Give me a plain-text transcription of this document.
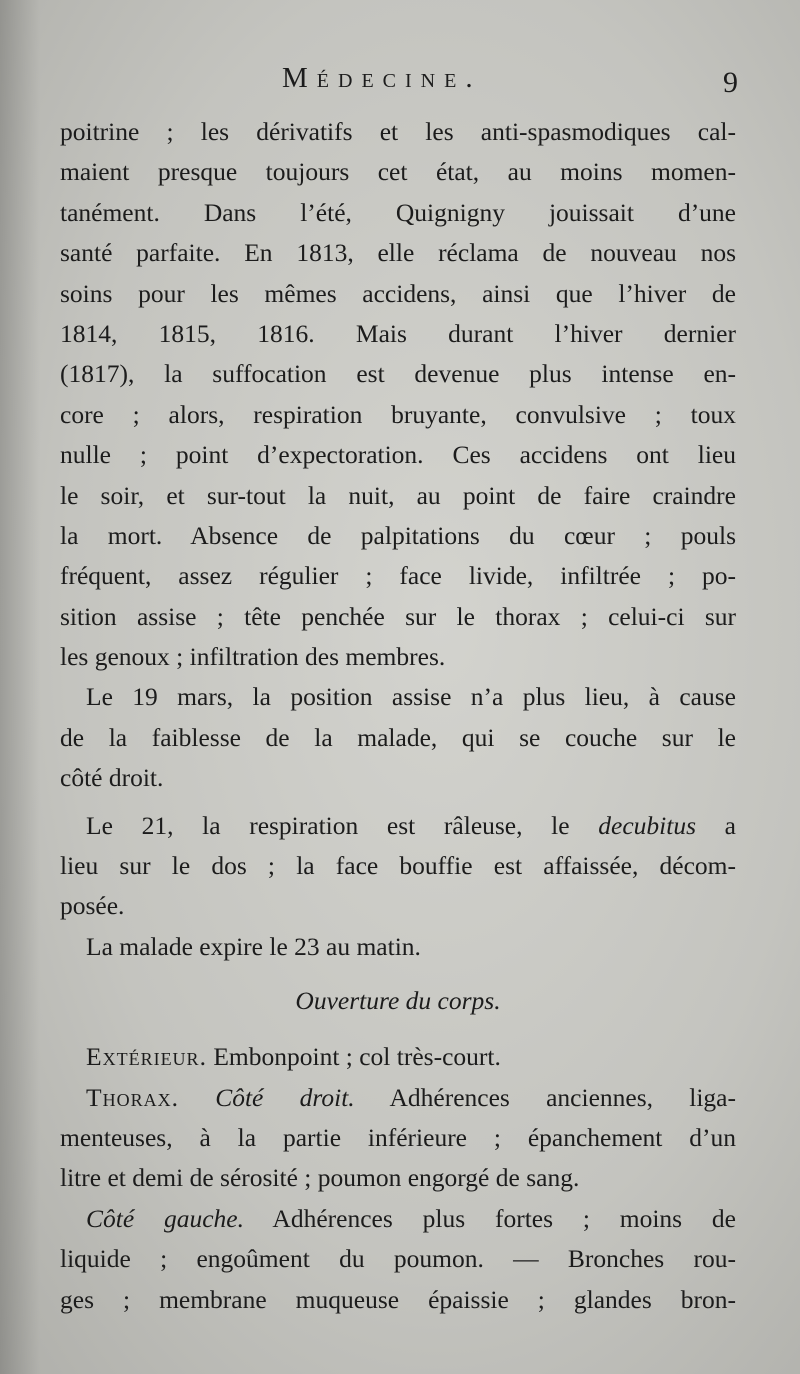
Médecine.	9
poitrine ; les dérivatifs et les anti-spasmodiques cal-
maient presque toujours cet état, au moins momen-
tanément. Dans l’été, Quignigny jouissait d’une
santé parfaite. En 1813, elle réclama de nouveau nos
soins pour les mêmes accidens, ainsi que l’hiver de
1814, 1815, 1816. Mais durant l’hiver dernier
(1817), la suffocation est devenue plus intense en-
core ; alors, respiration bruyante, convulsive ; toux
nulle ; point d’expectoration. Ces accidens ont lieu
le soir, et sur-tout la nuit, au point de faire craindre
la mort. Absence de palpitations du cœur ; pouls
fréquent, assez régulier ; face livide, infiltrée ; po-
sition assise ; tête penchée sur le thorax ; celui-ci sur
les genoux ; infiltration des membres.
Le 19 mars, la position assise n’a plus lieu, à cause
de la faiblesse de la malade, qui se couche sur le
côté droit.
Le 21, la respiration est râleuse, le decubitus a
lieu sur le dos ; la face bouffie est affaissée, décom-
posée.
La malade expire le 23 au matin.
Ouverture du corps.
Extérieur. Embonpoint ; col très-court.
Thorax. Côté droit. Adhérences anciennes, liga-
menteuses, à la partie inférieure ; épanchement d’un
litre et demi de sérosité ; poumon engorgé de sang.
Côté gauche. Adhérences plus fortes ; moins de
liquide ; engoûment du poumon. — Bronches rou-
ges ; membrane muqueuse épaissie ; glandes bron-
